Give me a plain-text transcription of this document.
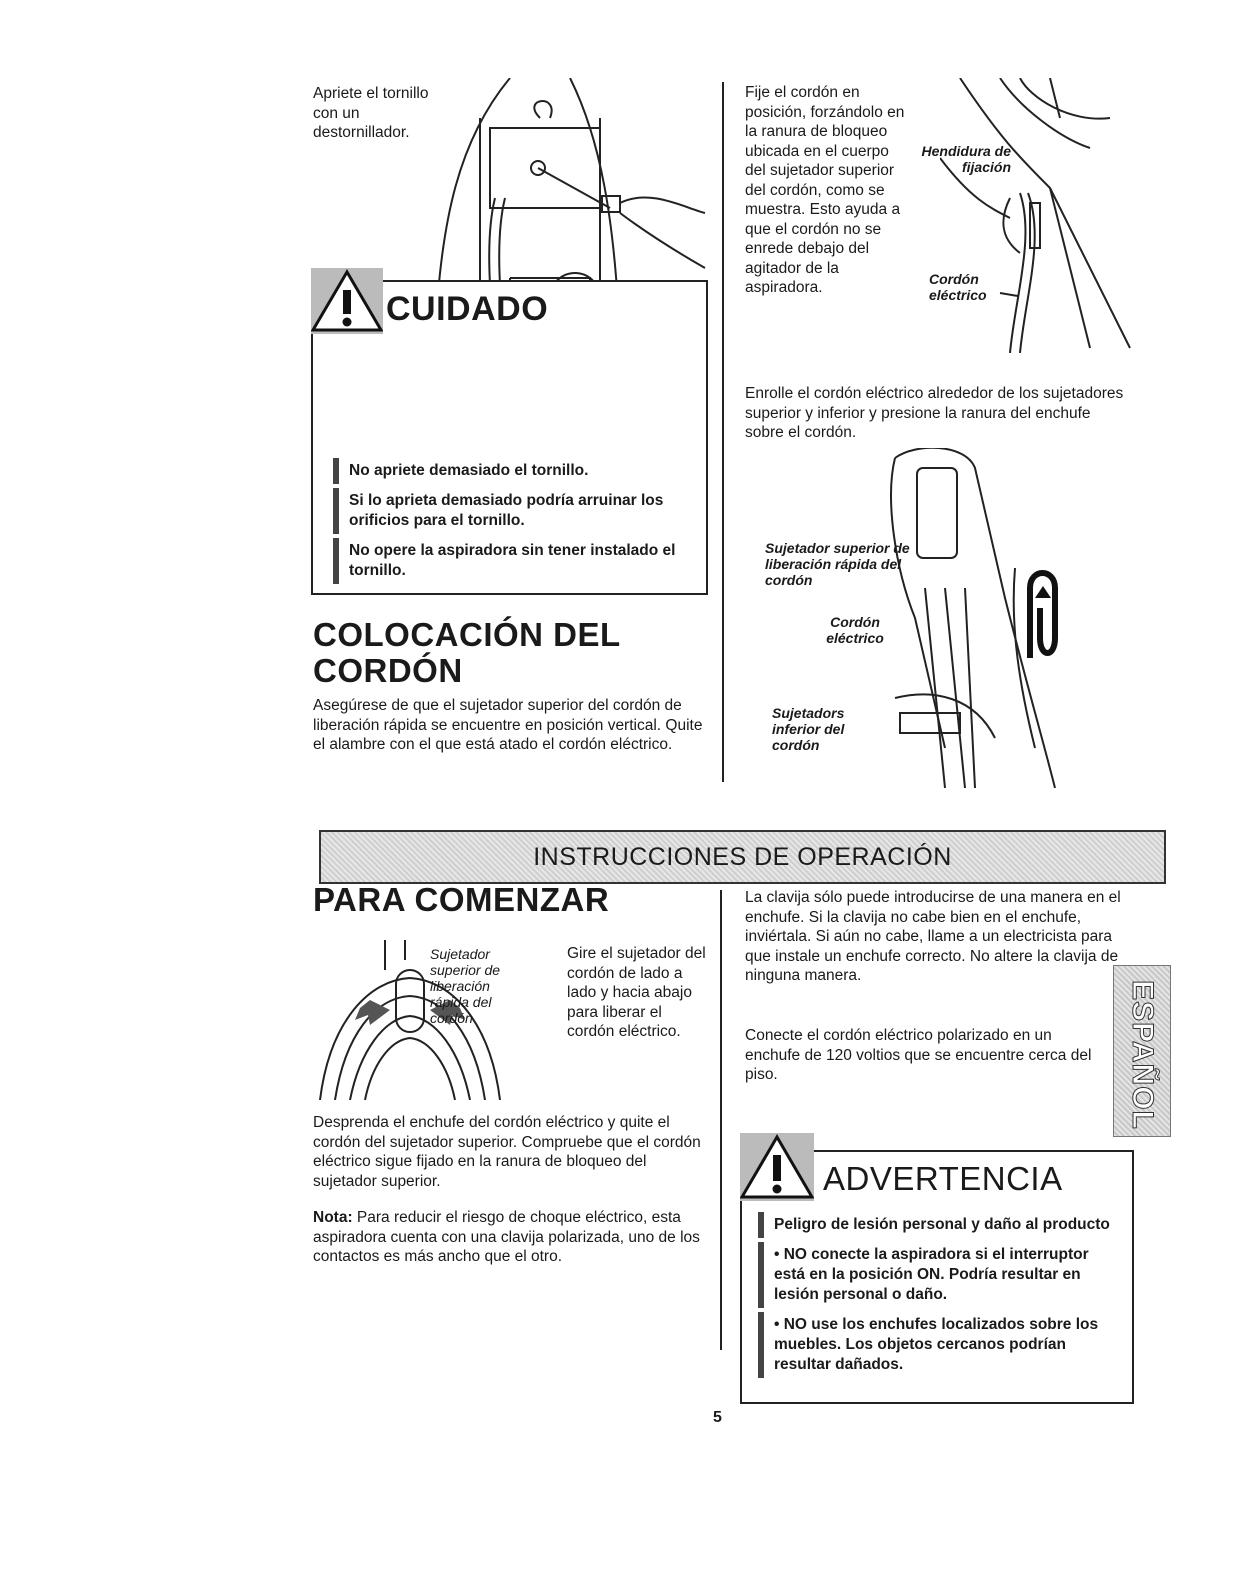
Apriete el tornillo con un destornillador.
Fije el cordón en posición, forzándolo en la ranura de bloqueo ubicada en el cuerpo del sujetador superior del cordón, como se muestra. Esto ayuda a que el cordón no se enrede debajo del agitador de la aspiradora.
Hendidura de fijación
Cordón eléctrico
CUIDADO
No apriete demasiado el tornillo.
Si lo aprieta demasiado podría arruinar los orificios para el tornillo.
No opere la aspiradora sin tener instalado el tornillo.
COLOCACIÓN DEL
CORDÓN
Asegúrese de que el sujetador superior del cordón de liberación rápida se encuentre en posición vertical. Quite el alambre con el que está atado el cordón eléctrico.
Enrolle el cordón eléctrico alrededor de los sujetadores superior y inferior y presione la ranura del enchufe sobre el cordón.
Sujetador superior de liberación rápida del cordón
Cordón eléctrico
Sujetadors inferior del cordón
INSTRUCCIONES DE OPERACIÓN
PARA COMENZAR
Sujetador superior de liberación rápida del cordón
Gire el sujetador del cordón de lado a lado y hacia abajo para liberar el cordón eléctrico.
Desprenda el enchufe del cordón eléctrico y quite el cordón del sujetador superior. Compruebe que el cordón eléctrico sigue fijado en la ranura de bloqueo del sujetador superior.
Nota: Para reducir el riesgo de choque eléctrico, esta aspiradora cuenta con una clavija polarizada, uno de los contactos es más ancho que el otro.
La clavija sólo puede introducirse de una manera en el enchufe. Si la clavija no cabe bien en el enchufe, inviértala. Si aún no cabe, llame a un electricista para que instale un enchufe correcto. No altere la clavija de ninguna manera.
Conecte el cordón eléctrico polarizado en un enchufe de 120 voltios que se encuentre cerca del piso.	ESPAÑOL
ADVERTENCIA
Peligro de lesión personal y daño al producto
• NO conecte la aspiradora si el interruptor está en la posición ON. Podría resultar en lesión personal o daño.
• NO use los enchufes localizados sobre los muebles. Los objetos cercanos podrían resultar dañados.
5
